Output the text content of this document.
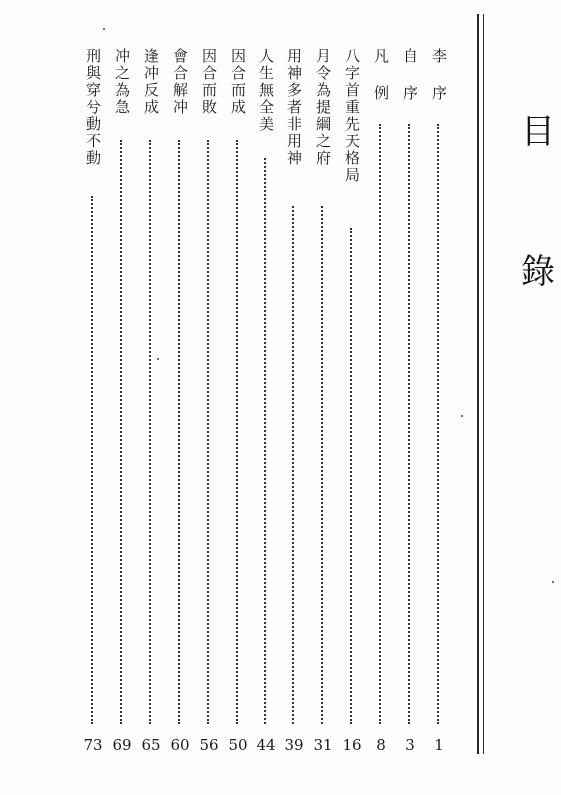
目
錄
李 序
1
自 序
3
凡 例
8
八字首重先天格局
16
月令為提綱之府
31
用神多者非用神
39
人生無全美
44
因合而成
50
因合而敗
56
會合解冲
60
逢冲反成
65
冲之為急
69
刑與穿兮動不動
73
